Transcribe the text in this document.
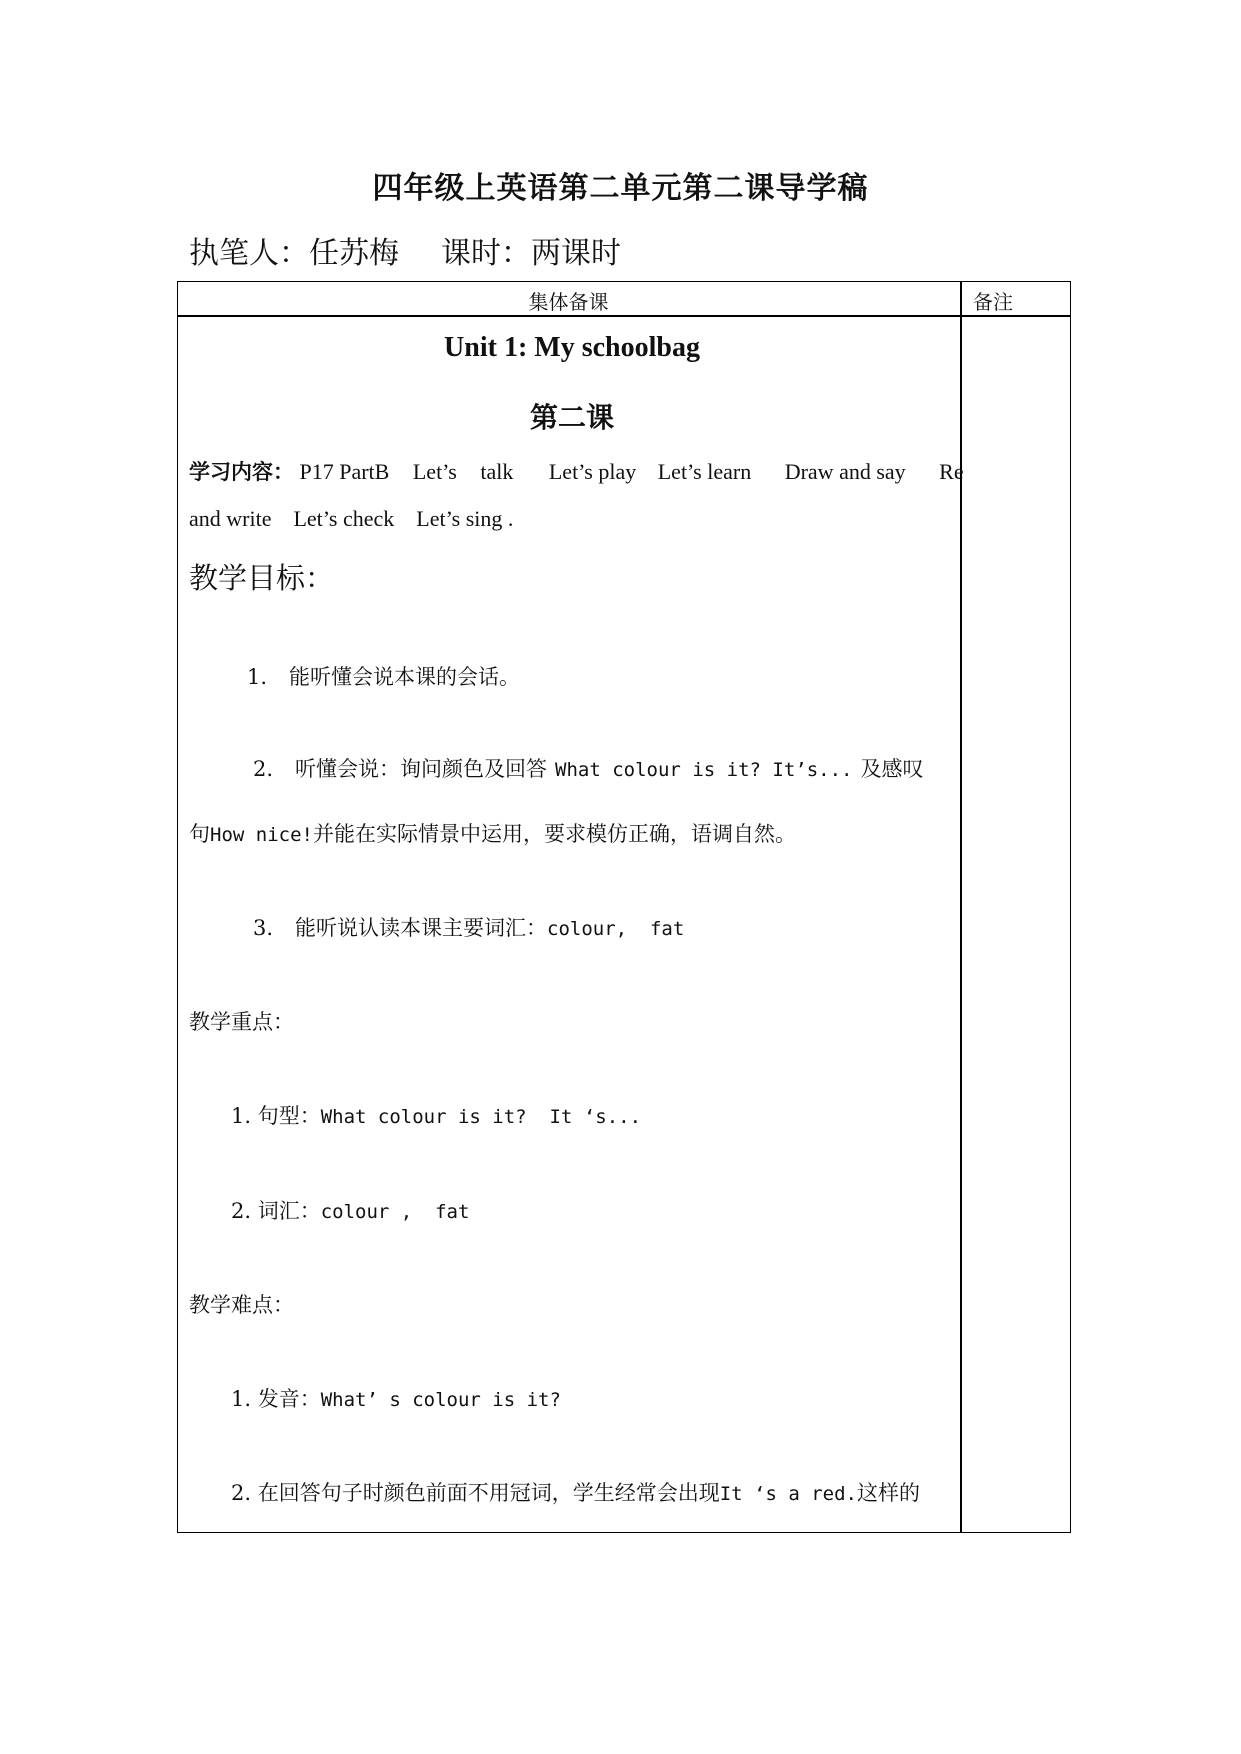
四年级上英语第二单元第二课导学稿
执笔人：任苏梅 课时：两课时
集体备课	备注
Unit 1: My schoolbag
第二课
学习内容： P17 PartB Let’s talk Let’s play Let’s learn Draw and say Re
and write    Let’s check    Let’s sing .
教学目标：
1. 能听懂会说本课的会话。
2. 听懂会说：询问颜色及回答 What colour is it? It’s... 及感叹
句How nice!并能在实际情景中运用，要求模仿正确，语调自然。
3. 能听说认读本课主要词汇：colour,  fat
教学重点：
1. 句型：What colour is it?  It ‘s...
2. 词汇：colour ,  fat
教学难点：
1. 发音：What’ s colour is it?
2. 在回答句子时颜色前面不用冠词，学生经常会出现It ‘s a red.这样的
